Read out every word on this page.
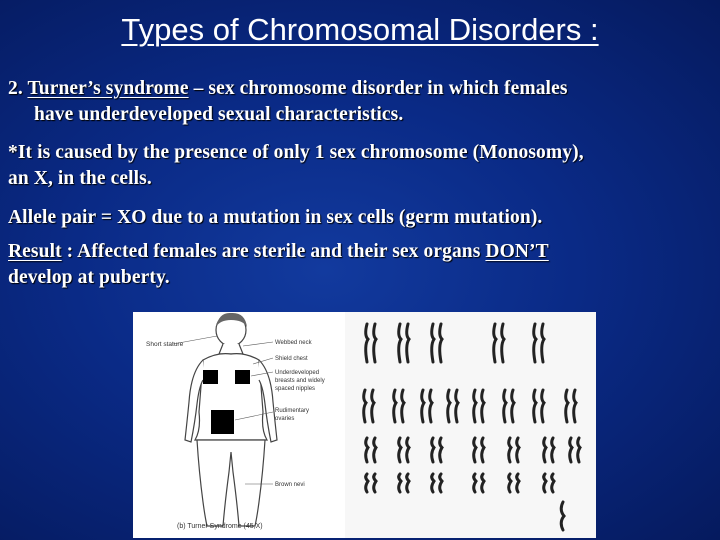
Types of Chromosomal Disorders :
2. Turner’s syndrome – sex chromosome disorder in which females
have underdeveloped sexual characteristics.
*It is caused by the presence of only 1 sex chromosome (Monosomy),
an X, in the cells.
Allele pair = XO due to a mutation in sex cells (germ mutation).
Result : Affected females are sterile and their sex organs DON’T
develop at puberty.
Short stature	Webbed neck
Shield chest
Underdeveloped
breasts and widely
spaced nipples
Rudimentary
ovaries
Brown nevi
(b) Turner Syndrome (45,X)
